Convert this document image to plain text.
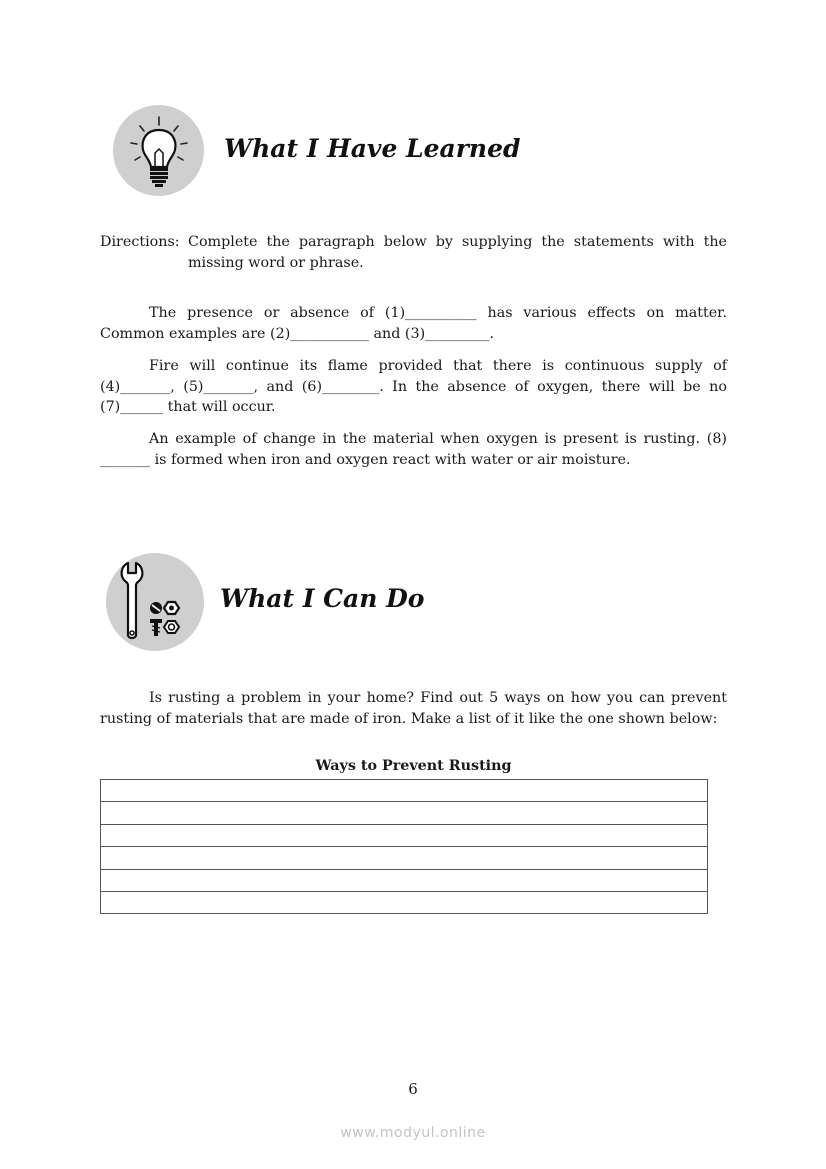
What I Have Learned
Directions: Complete the paragraph below by supplying the statements with the missing word or phrase.
The presence or absence of (1)__________ has various effects on matter. Common examples are (2)___________ and (3)_________.
Fire will continue its flame provided that there is continuous supply of (4)_______, (5)_______, and (6)________. In the absence of oxygen, there will be no (7)______ that will occur.
An example of change in the material when oxygen is present is rusting. (8) _______ is formed when iron and oxygen react with water or air moisture.
What I Can Do
Is rusting a problem in your home? Find out 5 ways on how you can prevent rusting of materials that are made of iron. Make a list of it like the one shown below:
Ways to Prevent Rusting

6
www.modyul.online
